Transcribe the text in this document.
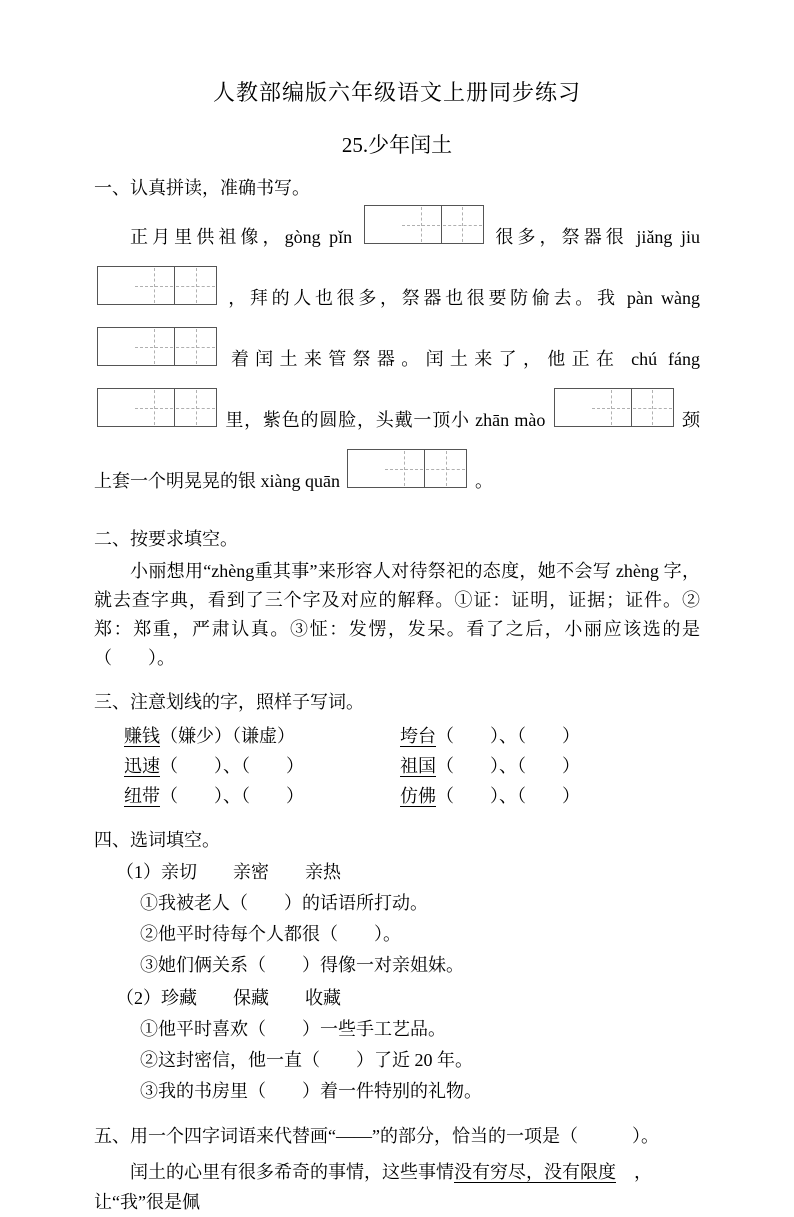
人教部编版六年级语文上册同步练习
25.少年闰土
一、认真拼读，准确书写。

正月里供祖像，gòng pǐn	很多，祭器很 jiǎng jiu  ，拜的人也很多，祭器也很要防偷去。我 pàn wàng  着闰土来管祭器。闰土来了，他正在 chú fáng  里，紫色的圆脸，头戴一顶小 zhān mào	颈上套一个明晃晃的银 xiàng quān	。

二、按要求填空。

小丽想用“zhèng重其事”来形容人对待祭祀的态度，她不会写 zhèng 字，就去查字典，看到了三个字及对应的解释。①证：证明，证据；证件。②郑：郑重，严肃认真。③怔：发愣，发呆。看了之后，小丽应该选的是（　　）。

三、注意划线的字，照样子写词。
赚钱（嫌少）（谦虚）	垮台（　　）、（　　）
迅速（　　）、（　　）	祖国（　　）、（　　）
纽带（　　）、（　　）	仿佛（　　）、（　　）
四、选词填空。
（1）亲切　　亲密　　亲热
①我被老人（　　）的话语所打动。
②他平时待每个人都很（　　）。
③她们俩关系（　　）得像一对亲姐妹。
（2）珍藏　　保藏　　收藏
①他平时喜欢（　　）一些手工艺品。
②这封密信，他一直（　　）了近 20 年。
③我的书房里（　　）着一件特别的礼物。
五、用一个四字词语来代替画“——”的部分，恰当的一项是（　　　）。

闰土的心里有很多希奇的事情，这些事情没有穷尽，没有限度　，让“我”很是佩
